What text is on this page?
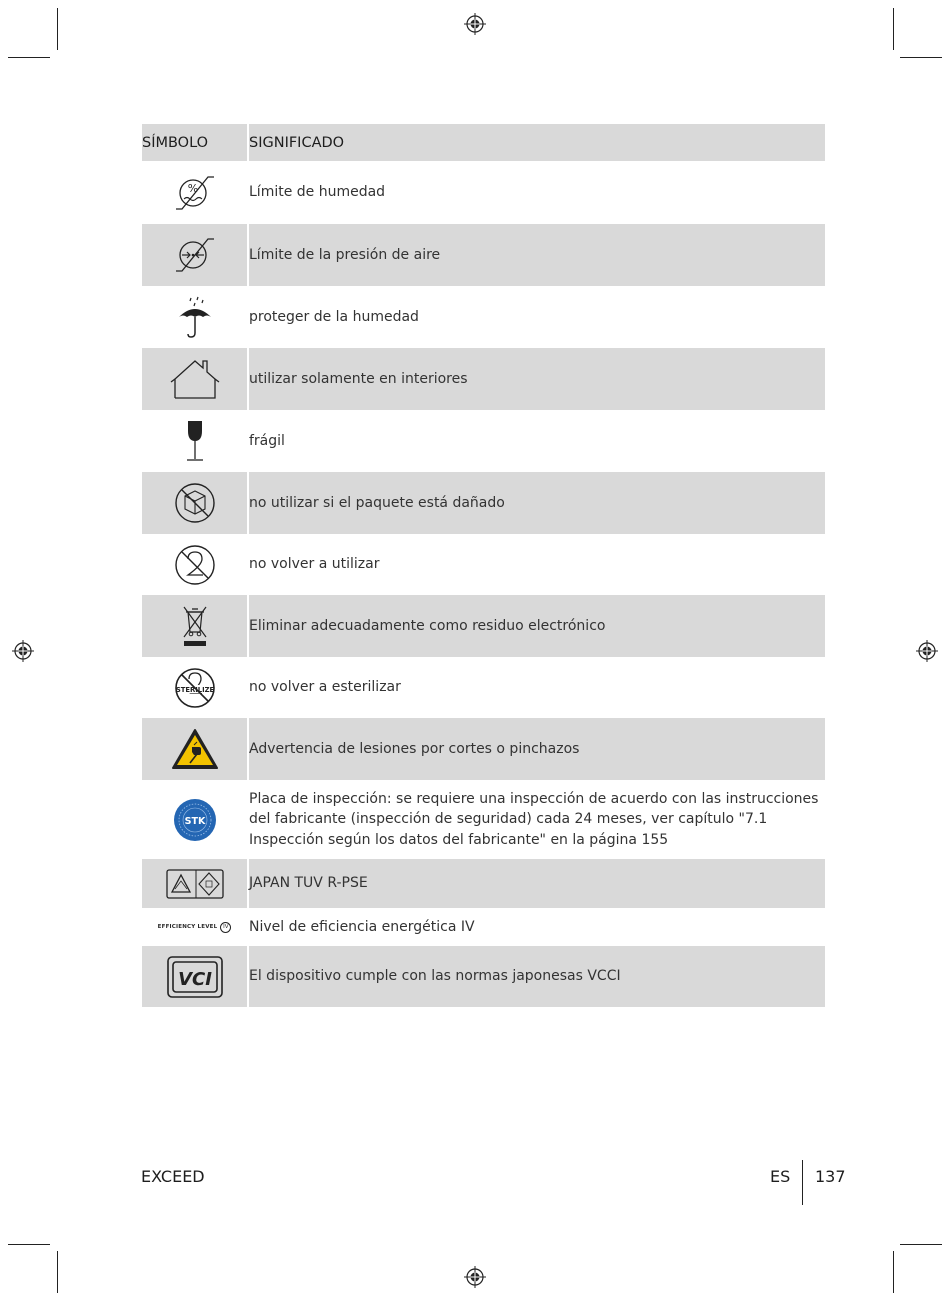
SÍMBOLO	SIGNIFICADO

%	Límite de humedad

	Límite de la presión de aire

	proteger de la humedad

	utilizar solamente en interiores

	frágil

	no utilizar si el paquete está dañado

	no volver a utilizar

	Eliminar adecuadamente como residuo electrónico

STERILIZE	no volver a esterilizar

	Advertencia de lesiones por cortes o pinchazos

STK	Placa de inspección: se requiere una inspección de acuerdo con las instrucciones del fabricante (inspección de seguridad) cada 24 meses, ver capítulo "7.1 Inspección según los datos del fabricante" en la página 155

	JAPAN TUV R-PSE

EFFICIENCY LEVEL IV	Nivel de eficiencia energética IV

VCI	El dispositivo cumple con las normas japonesas VCCI
EXCEED	ES 137
